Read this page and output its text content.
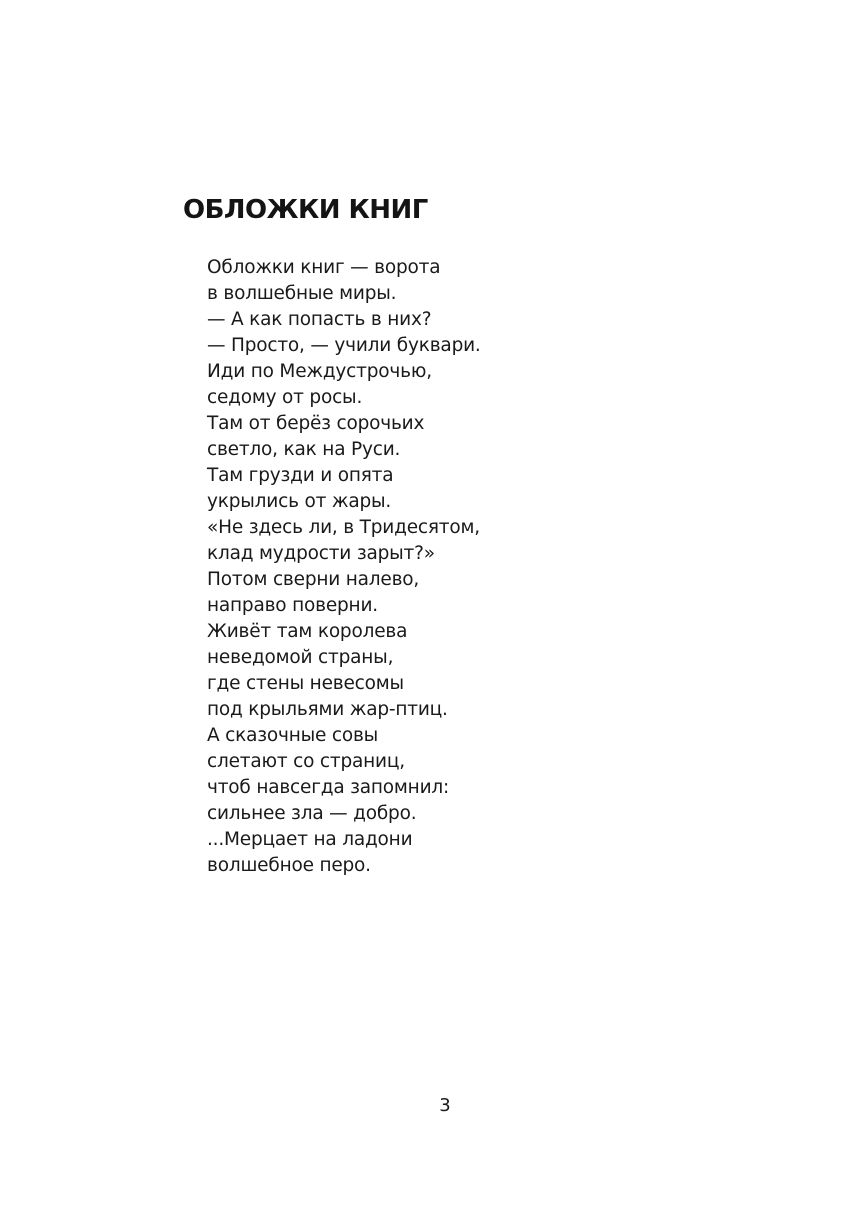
ОБЛОЖКИ КНИГ
Обложки книг — ворота
в волшебные миры.
— А как попасть в них?
— Просто, — учили буквари.
Иди по Междустрочью,
седому от росы.
Там от берёз сорочьих
светло, как на Руси.
Там грузди и опята
укрылись от жары.
«Не здесь ли, в Тридесятом,
клад мудрости зарыт?»
Потом сверни налево,
направо поверни.
Живёт там королева
неведомой страны,
где стены невесомы
под крыльями жар-птиц.
А сказочные совы
слетают со страниц,
чтоб навсегда запомнил:
сильнее зла — добро.
...Мерцает на ладони
волшебное перо.
3
